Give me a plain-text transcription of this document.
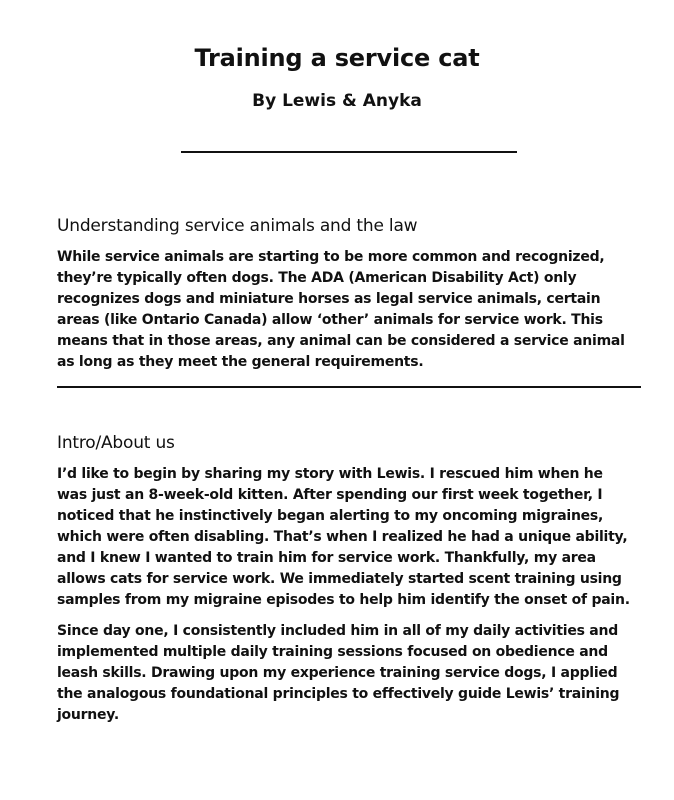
Training a service cat
By Lewis & Anyka
Understanding service animals and the law

While service animals are starting to be more common and recognized, they’re typically often dogs. The ADA (American Disability Act) only recognizes dogs and miniature horses as legal service animals, certain areas (like Ontario Canada) allow ‘other’ animals for service work. This means that in those areas, any animal can be considered a service animal as long as they meet the general requirements.

Intro/About us

I’d like to begin by sharing my story with Lewis. I rescued him when he was just an 8-week-old kitten. After spending our first week together, I noticed that he instinctively began alerting to my oncoming migraines, which were often disabling. That’s when I realized he had a unique ability, and I knew I wanted to train him for service work. Thankfully, my area allows cats for service work. We immediately started scent training using samples from my migraine episodes to help him identify the onset of pain.

Since day one, I consistently included him in all of my daily activities and implemented multiple daily training sessions focused on obedience and leash skills. Drawing upon my experience training service dogs, I applied the analogous foundational principles to effectively guide Lewis’ training journey.
